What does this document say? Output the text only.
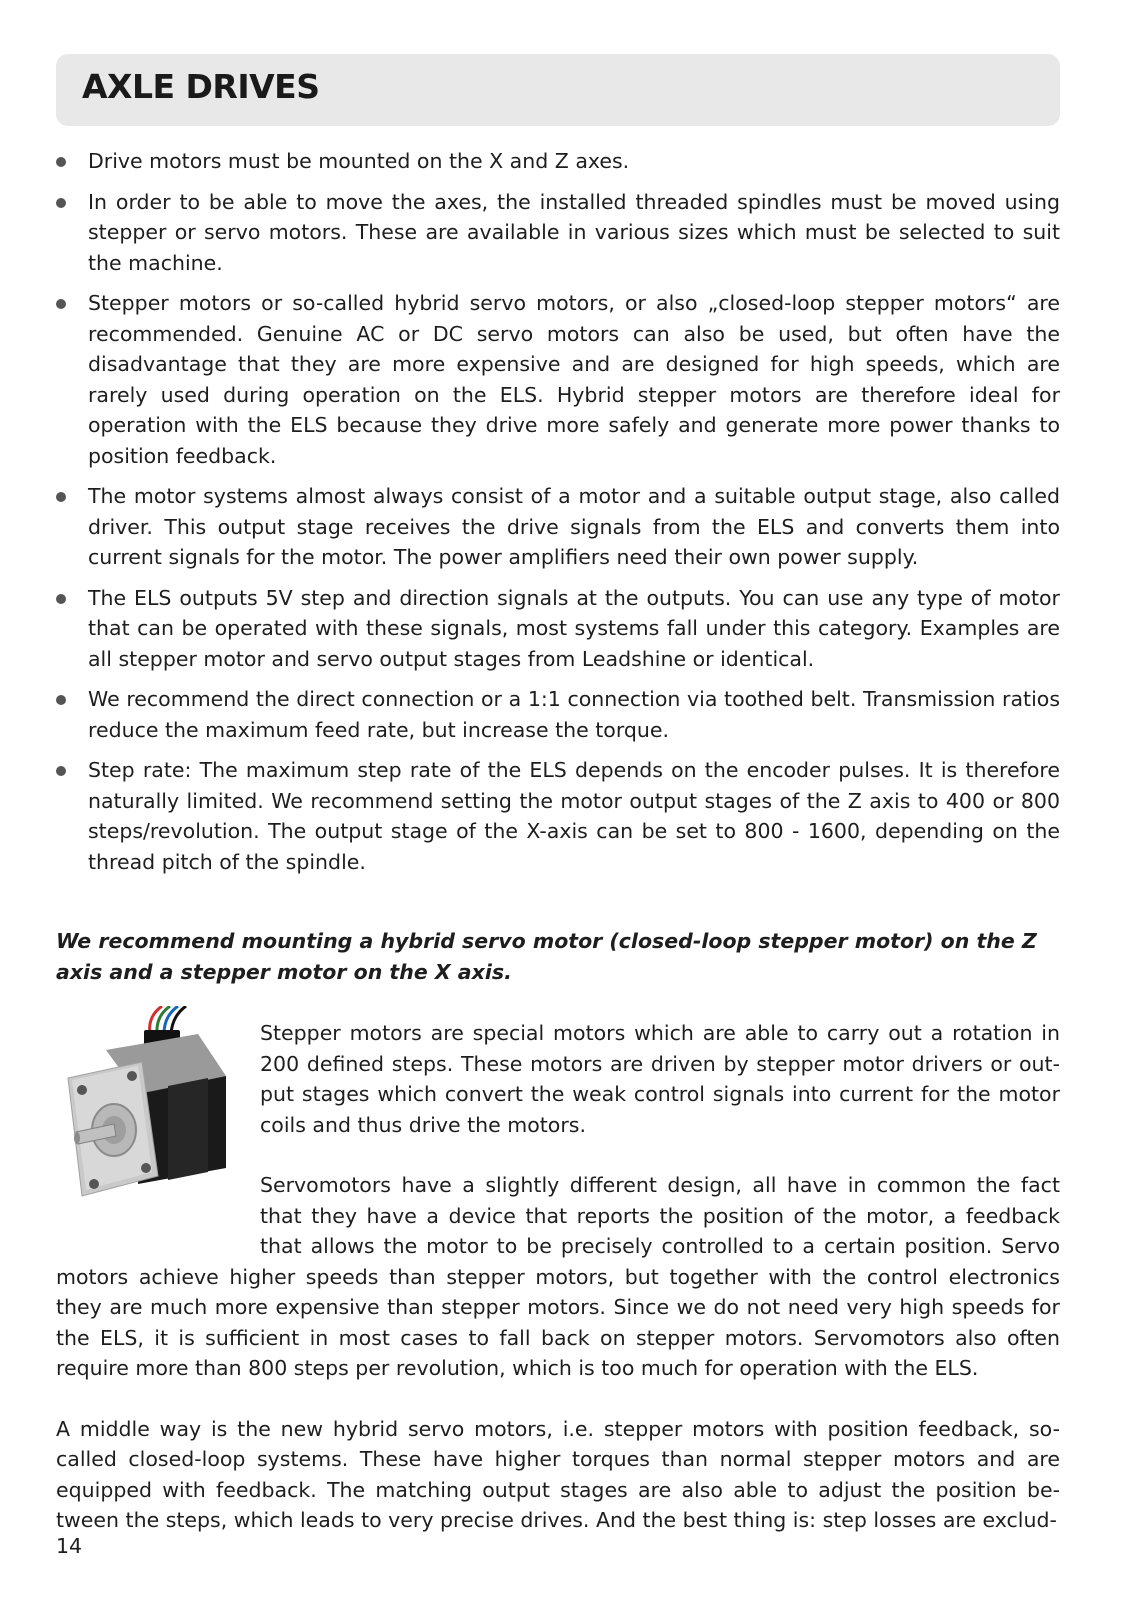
AXLE DRIVES
Drive motors must be mounted on the X and Z axes.
In order to be able to move the axes, the installed threaded spindles must be moved using stepper or servo motors. These are available in various sizes which must be selected to suit the machine.
Stepper motors or so-called hybrid servo motors, or also „closed-loop stepper motors“ are recommended. Genuine AC or DC servo motors can also be used, but often have the disadvantage that they are more expensive and are designed for high speeds, which are rarely used during operation on the ELS. Hybrid stepper motors are therefore ideal for operation with the ELS because they drive more safely and generate more power thanks to position feedback.
The motor systems almost always consist of a motor and a suitable output stage, also called driver. This output stage receives the drive signals from the ELS and converts them into current signals for the motor. The power amplifiers need their own power supply.
The ELS outputs 5V step and direction signals at the outputs. You can use any type of motor that can be operated with these signals, most systems fall under this category. Examples are all stepper motor and servo output stages from Leadshine or identical.
We recommend the direct connection or a 1:1 connection via toothed belt. Transmission ratios reduce the maximum feed rate, but increase the torque.
Step rate: The maximum step rate of the ELS depends on the encoder pulses. It is therefore naturally limited. We recommend setting the motor output stages of the Z axis to 400 or 800 steps/revolution. The output stage of the X-axis can be set to 800 - 1600, depending on the thread pitch of the spindle.

We recommend mounting a hybrid servo motor (closed-loop stepper motor) on the Z axis and a stepper motor on the X axis.

Stepper motors are special motors which are able to carry out a rotation in 200 defined steps. These motors are driven by stepper motor drivers or out-put stages which convert the weak control signals into current for the motor coils and thus drive the motors.

Servomotors have a slightly different design, all have in common the fact that they have a device that reports the position of the motor, a feedback that allows the motor to be precisely controlled to a certain position. Servo motors achieve higher speeds than stepper motors, but together with the control electronics they are much more expensive than stepper motors. Since we do not need very high speeds for the ELS, it is sufficient in most cases to fall back on stepper motors. Servomotors also often require more than 800 steps per revolution, which is too much for operation with the ELS.

A middle way is the new hybrid servo motors, i.e. stepper motors with position feedback, so-called closed-loop systems. These have higher torques than normal stepper motors and are equipped with feedback. The matching output stages are also able to adjust the position be-tween the steps, which leads to very precise drives. And the best thing is: step losses are exclud-

14
